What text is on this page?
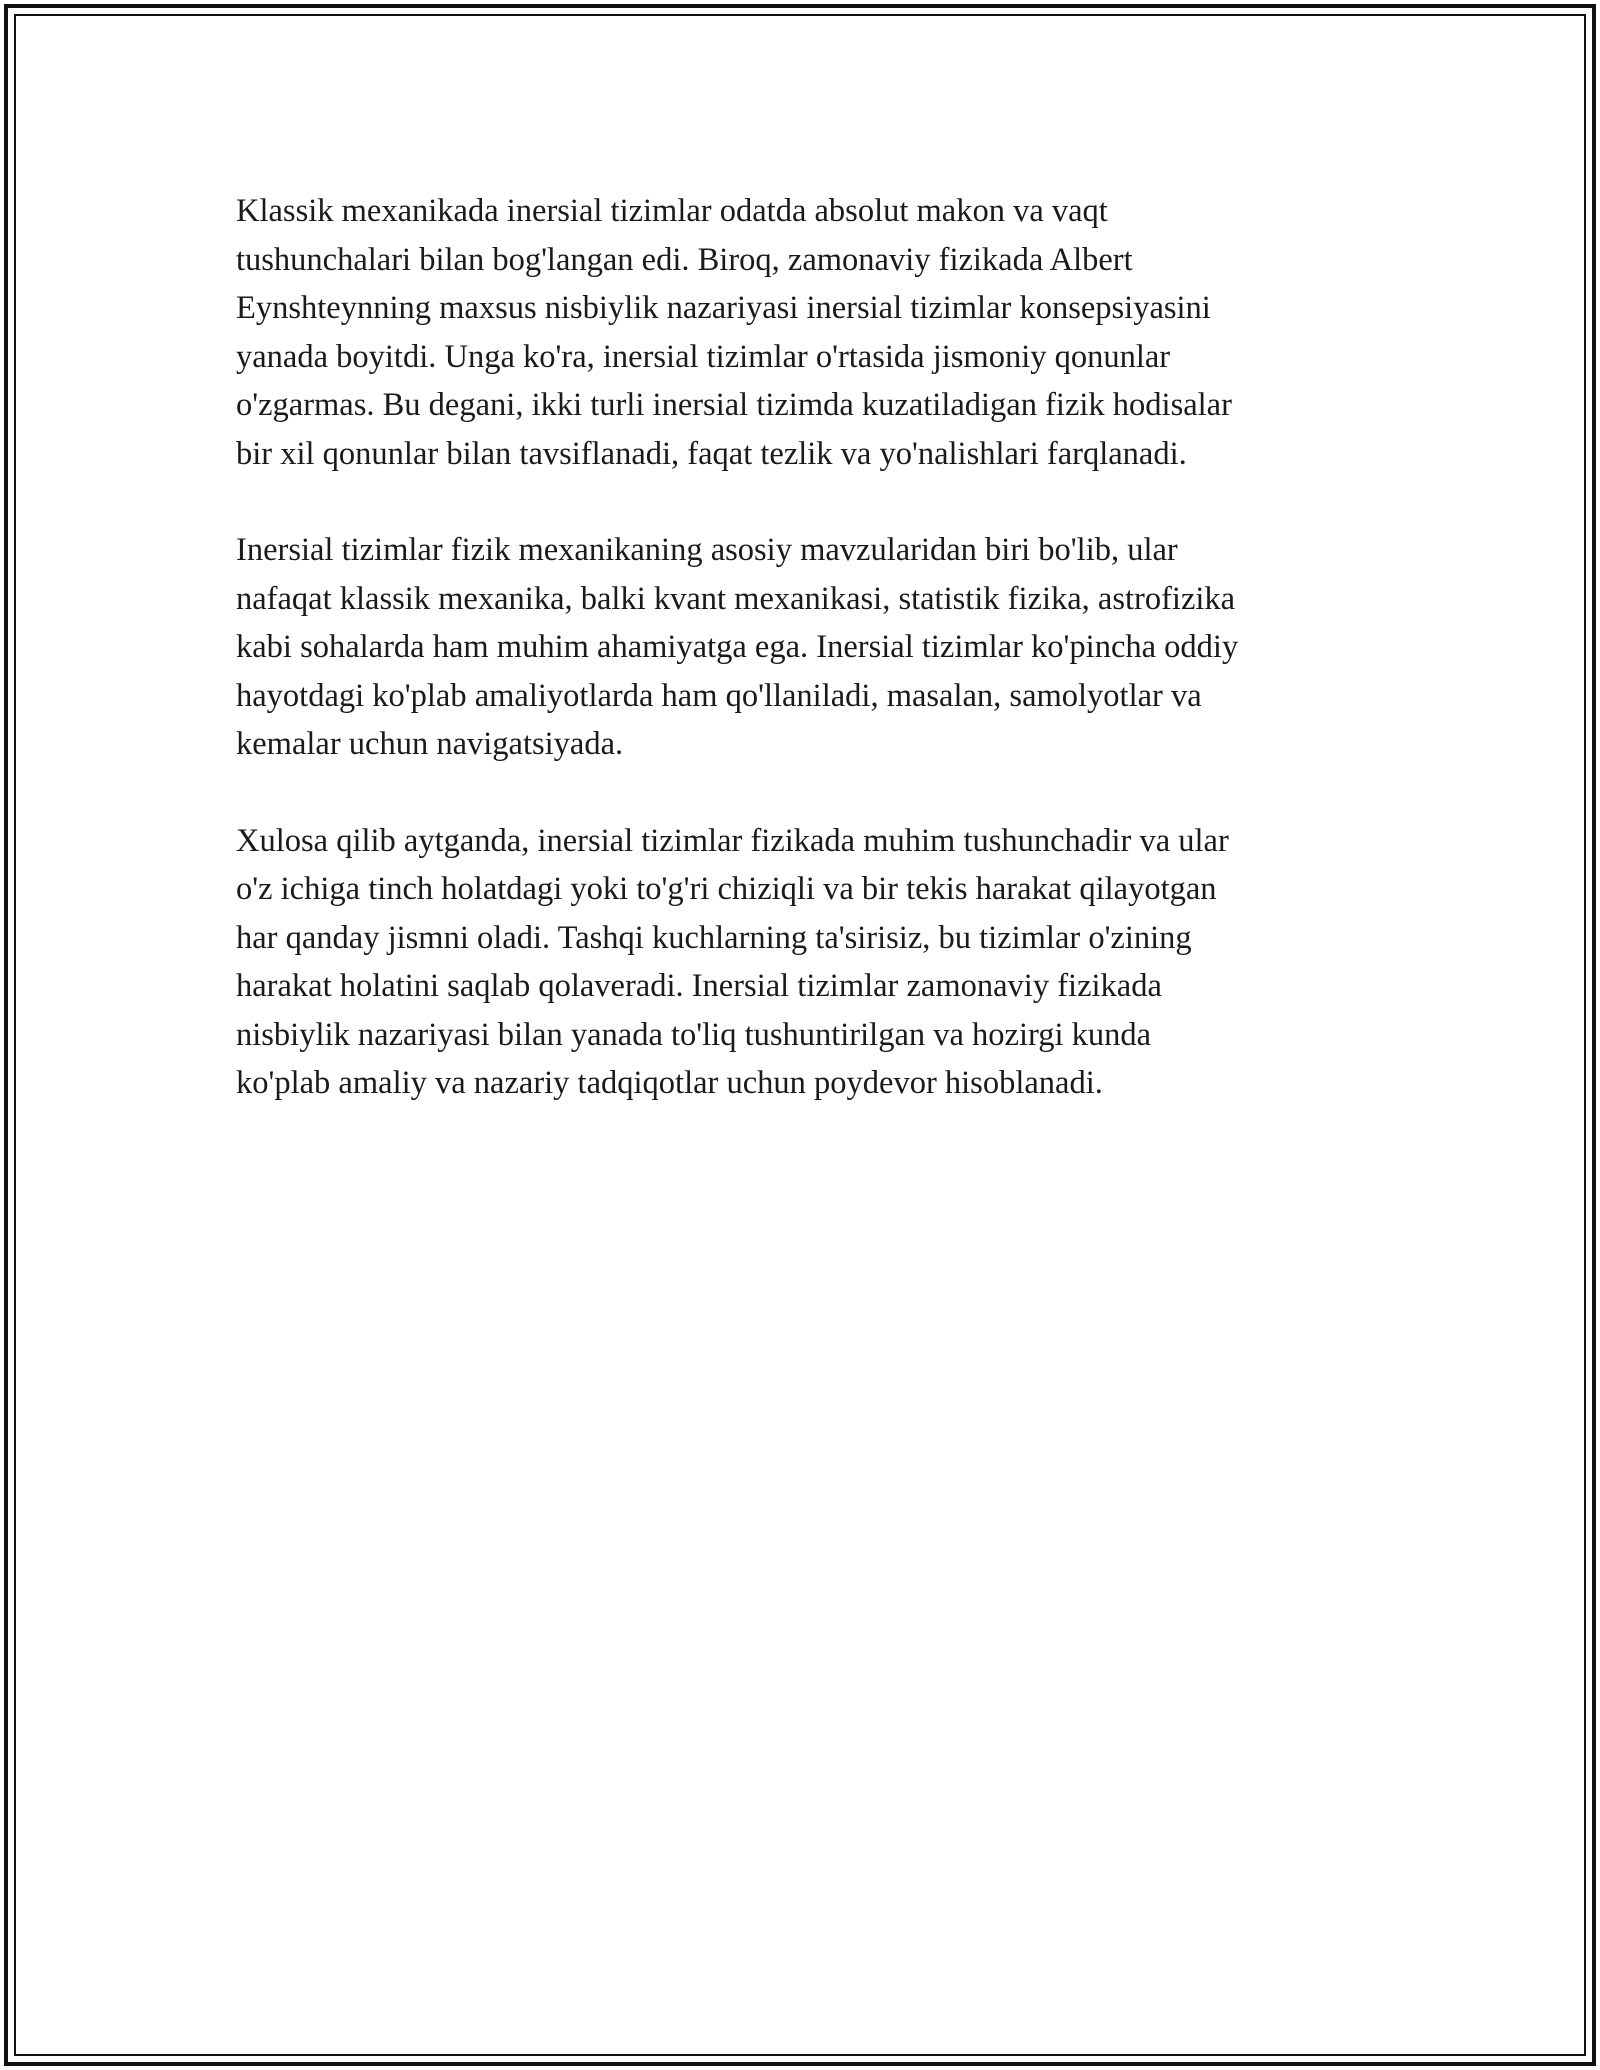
Klassik mexanikada inersial tizimlar odatda absolut makon va vaqt
tushunchalari bilan bog'langan edi. Biroq, zamonaviy fizikada Albert
Eynshteynning maxsus nisbiylik nazariyasi inersial tizimlar konsepsiyasini
yanada boyitdi. Unga ko'ra, inersial tizimlar o'rtasida jismoniy qonunlar
o'zgarmas. Bu degani, ikki turli inersial tizimda kuzatiladigan fizik hodisalar
bir xil qonunlar bilan tavsiflanadi, faqat tezlik va yo'nalishlari farqlanadi.

Inersial tizimlar fizik mexanikaning asosiy mavzularidan biri bo'lib, ular
nafaqat klassik mexanika, balki kvant mexanikasi, statistik fizika, astrofizika
kabi sohalarda ham muhim ahamiyatga ega. Inersial tizimlar ko'pincha oddiy
hayotdagi ko'plab amaliyotlarda ham qo'llaniladi, masalan, samolyotlar va
kemalar uchun navigatsiyada.

Xulosa qilib aytganda, inersial tizimlar fizikada muhim tushunchadir va ular
o'z ichiga tinch holatdagi yoki to'g'ri chiziqli va bir tekis harakat qilayotgan
har qanday jismni oladi. Tashqi kuchlarning ta'sirisiz, bu tizimlar o'zining
harakat holatini saqlab qolaveradi. Inersial tizimlar zamonaviy fizikada
nisbiylik nazariyasi bilan yanada to'liq tushuntirilgan va hozirgi kunda
ko'plab amaliy va nazariy tadqiqotlar uchun poydevor hisoblanadi.
